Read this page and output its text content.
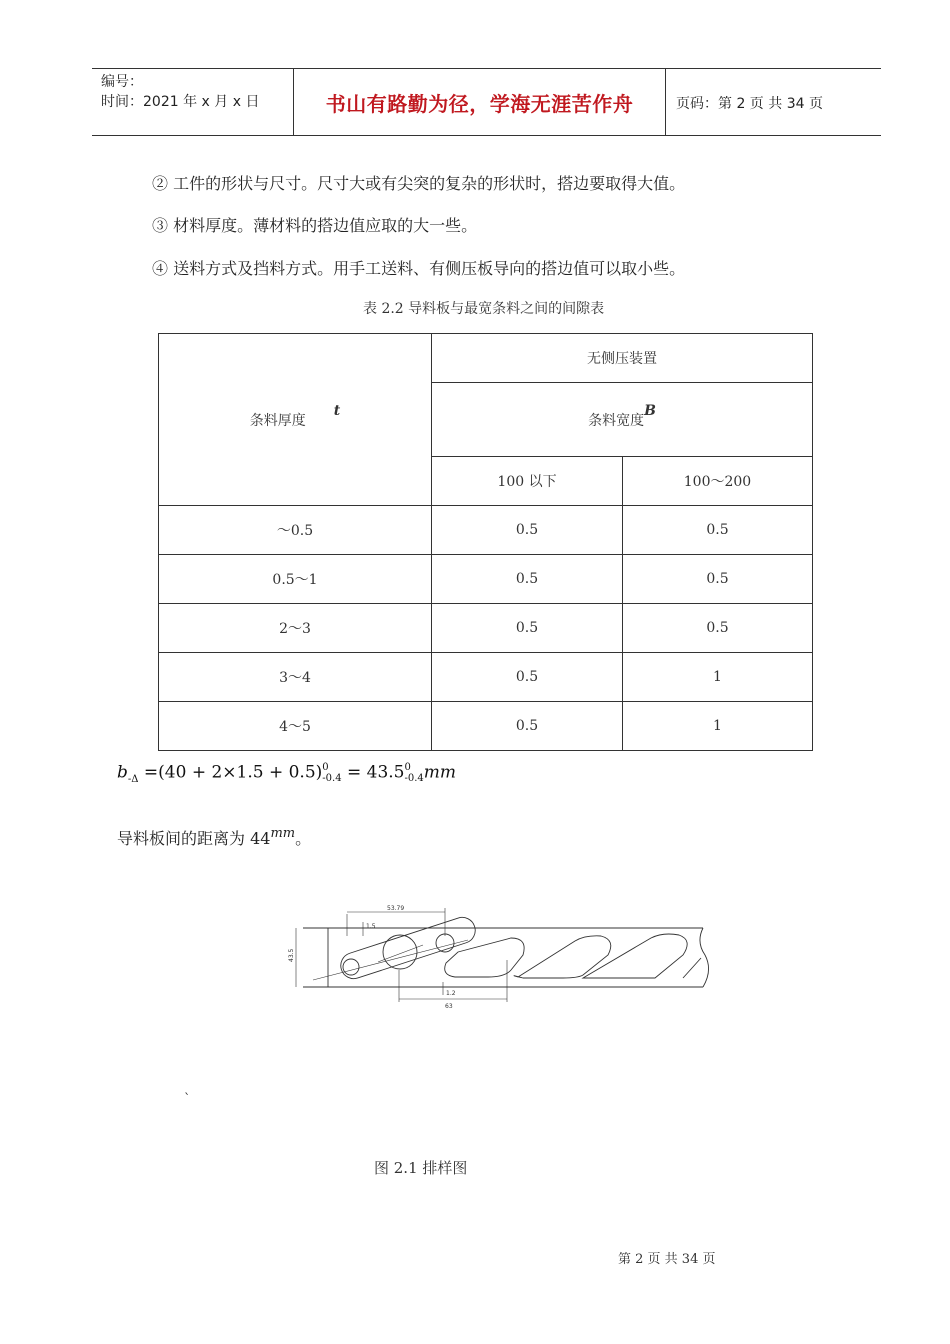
编号：
时间：2021 年 x 月 x 日	书山有路勤为径，学海无涯苦作舟	页码：第 2 页 共 34 页
② 工件的形状与尺寸。尺寸大或有尖突的复杂的形状时，搭边要取得大值。
③ 材料厚度。薄材料的搭边值应取的大一些。
④ 送料方式及挡料方式。用手工送料、有侧压板导向的搭边值可以取小些。
表 2.2 导料板与最宽条料之间的间隙表
条料厚度t	无侧压装置	
	条料宽度B	
	100 以下	100～200
～0.5	0.5	0.5
0.5～1	0.5	0.5
2～3	0.5	0.5
3～4	0.5	1
4～5	0.5	1
$b_{-\Delta} =(40 + 2\times 1.5 + 0.5)$ 0
-0.4 = 43.5 0
-0.4 mm
导料板间的距离为 $44^{mm}$。
53.79
63
1.5
1.2
43.5
`
图 2.1 排样图
第 2 页 共 34 页
